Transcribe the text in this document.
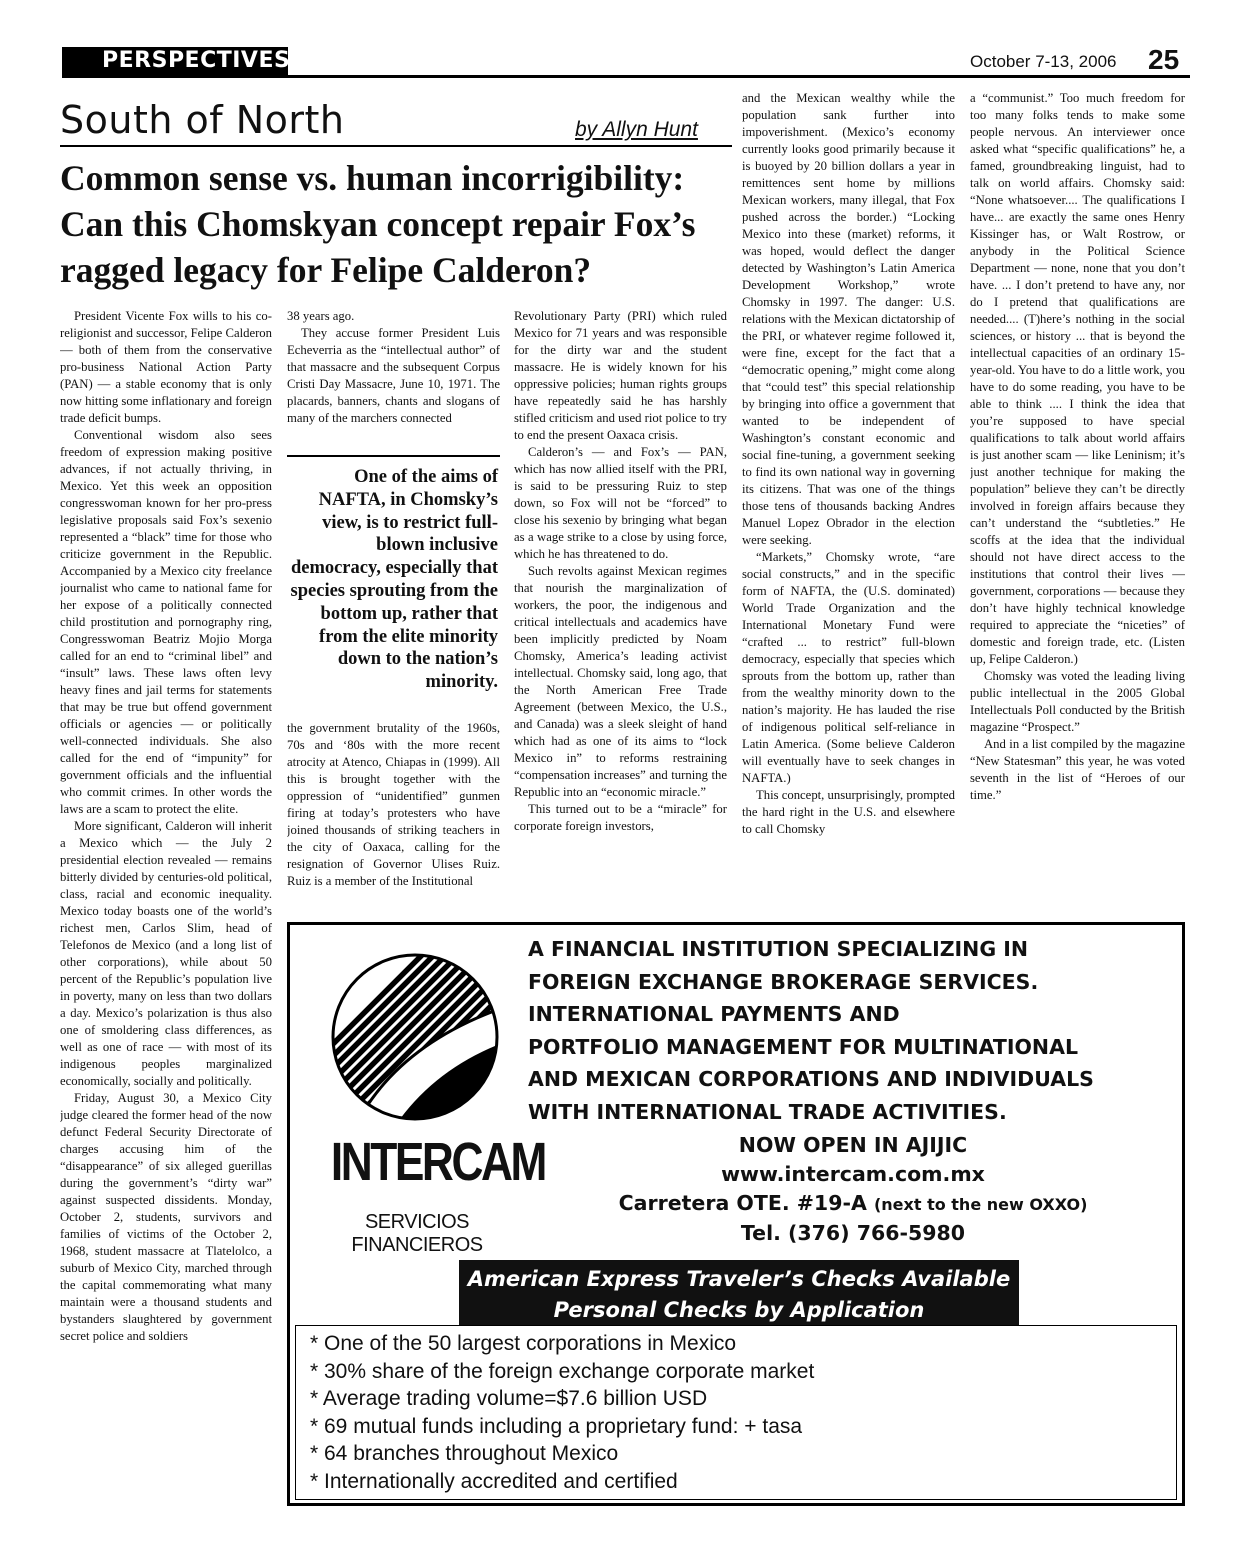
PERSPECTIVES	October 7-13, 2006 25
South of North	by Allyn Hunt
Common sense vs. human incorrigibility:
Can this Chomskyan concept repair Fox’s
ragged legacy for Felipe Calderon?

President Vicente Fox wills to his co-religionist and successor, Felipe Calderon — both of them from the conservative pro-business National Action Party (PAN) — a stable economy that is only now hitting some inflationary and foreign trade deficit bumps.

Conventional wisdom also sees freedom of expression making positive advances, if not actually thriving, in Mexico. Yet this week an opposition congresswoman known for her pro-press legislative proposals said Fox’s sexenio represented a “black” time for those who criticize government in the Republic. Accompanied by a Mexico city freelance journalist who came to national fame for her expose of a politically connected child prostitution and pornography ring, Congresswoman Beatriz Mojio Morga called for an end to “criminal libel” and “insult” laws. These laws often levy heavy fines and jail terms for statements that may be true but offend government officials or agencies — or politically well-connected individuals. She also called for the end of “impunity” for government officials and the influential who commit crimes. In other words the laws are a scam to protect the elite.

More significant, Calderon will inherit a Mexico which — the July 2 presidential election revealed — remains bitterly divided by centuries-old political, class, racial and economic inequality. Mexico today boasts one of the world’s richest men, Carlos Slim, head of Telefonos de Mexico (and a long list of other corporations), while about 50 percent of the Republic’s population live in poverty, many on less than two dollars a day. Mexico’s polarization is thus also one of smoldering class differences, as well as one of race — with most of its indigenous peoples marginalized economically, socially and politically.

Friday, August 30, a Mexico City judge cleared the former head of the now defunct Federal Security Directorate of charges accusing him of the “disappearance” of six alleged guerillas during the government’s “dirty war” against suspected dissidents. Monday, October 2, students, survivors and families of victims of the October 2, 1968, student massacre at Tlatelolco, a suburb of Mexico City, marched through the capital commemorating what many maintain were a thousand students and bystanders slaughtered by government secret police and soldiers

38 years ago.

They accuse former President Luis Echeverria as the “intellectual author” of that massacre and the subsequent Corpus Cristi Day Massacre, June 10, 1971. The placards, banners, chants and slogans of many of the marchers connected

One of the aims of NAFTA, in Chomsky’s view, is to restrict full-blown inclusive democracy, especially that species sprouting from the bottom up, rather that from the elite minority down to the nation’s minority.

the government brutality of the 1960s, 70s and ‘80s with the more recent atrocity at Atenco, Chiapas in (1999). All this is brought together with the oppression of “unidentified” gunmen firing at today’s protesters who have joined thousands of striking teachers in the city of Oaxaca, calling for the resignation of Governor Ulises Ruiz. Ruiz is a member of the Institutional

Revolutionary Party (PRI) which ruled Mexico for 71 years and was responsible for the dirty war and the student massacre. He is widely known for his oppressive policies; human rights groups have repeatedly said he has harshly stifled criticism and used riot police to try to end the present Oaxaca crisis.

Calderon’s — and Fox’s — PAN, which has now allied itself with the PRI, is said to be pressuring Ruiz to step down, so Fox will not be “forced” to close his sexenio by bringing what began as a wage strike to a close by using force, which he has threatened to do.

Such revolts against Mexican regimes that nourish the marginalization of workers, the poor, the indigenous and critical intellectuals and academics have been implicitly predicted by Noam Chomsky, America’s leading activist intellectual. Chomsky said, long ago, that the North American Free Trade Agreement (between Mexico, the U.S., and Canada) was a sleek sleight of hand which had as one of its aims to “lock Mexico in” to reforms restraining “compensation increases” and turning the Republic into an “economic miracle.”

This turned out to be a “miracle” for corporate foreign investors,

and the Mexican wealthy while the population sank further into impoverishment. (Mexico’s economy currently looks good primarily because it is buoyed by 20 billion dollars a year in remittences sent home by millions Mexican workers, many illegal, that Fox pushed across the border.) “Locking Mexico into these (market) reforms, it was hoped, would deflect the danger detected by Washington’s Latin America Development Workshop,” wrote Chomsky in 1997. The danger: U.S. relations with the Mexican dictatorship of the PRI, or whatever regime followed it, were fine, except for the fact that a “democratic opening,” might come along that “could test” this special relationship by bringing into office a government that wanted to be independent of Washington’s constant economic and social fine-tuning, a government seeking to find its own national way in governing its citizens. That was one of the things those tens of thousands backing Andres Manuel Lopez Obrador in the election were seeking.

“Markets,” Chomsky wrote, “are social constructs,” and in the specific form of NAFTA, the (U.S. dominated) World Trade Organization and the International Monetary Fund were “crafted ... to restrict” full-blown democracy, especially that species which sprouts from the bottom up, rather than from the wealthy minority down to the nation’s majority. He has lauded the rise of indigenous political self-reliance in Latin America. (Some believe Calderon will eventually have to seek changes in NAFTA.)

This concept, unsurprisingly, prompted the hard right in the U.S. and elsewhere to call Chomsky

a “communist.” Too much freedom for too many folks tends to make some people nervous. An interviewer once asked what “specific qualifications” he, a famed, groundbreaking linguist, had to talk on world affairs. Chomsky said: “None whatsoever.... The qualifications I have... are exactly the same ones Henry Kissinger has, or Walt Rostrow, or anybody in the Political Science Department — none, none that you don’t have. ... I don’t pretend to have any, nor do I pretend that qualifications are needed.... (T)here’s nothing in the social sciences, or history ... that is beyond the intellectual capacities of an ordinary 15-year-old. You have to do a little work, you have to do some reading, you have to be able to think .... I think the idea that you’re supposed to have special qualifications to talk about world affairs is just another scam — like Leninism; it’s just another technique for making the population” believe they can’t be directly involved in foreign affairs because they can’t understand the “subtleties.” He scoffs at the idea that the individual should not have direct access to the institutions that control their lives — government, corporations — because they don’t have highly technical knowledge required to appreciate the “niceties” of domestic and foreign trade, etc. (Listen up, Felipe Calderon.)

Chomsky was voted the leading living public intellectual in the 2005 Global Intellectuals Poll conducted by the British magazine “Prospect.”

And in a list compiled by the magazine “New Statesman” this year, he was voted seventh in the list of “Heroes of our time.”

INTERCAM
SERVICIOS FINANCIEROS
A FINANCIAL INSTITUTION SPECIALIZING IN
FOREIGN EXCHANGE BROKERAGE SERVICES.
INTERNATIONAL PAYMENTS AND
PORTFOLIO MANAGEMENT FOR MULTINATIONAL
AND MEXICAN CORPORATIONS AND INDIVIDUALS
WITH INTERNATIONAL TRADE ACTIVITIES.
NOW OPEN IN AJIJIC
www.intercam.com.mx
Carretera OTE. #19-A (next to the new OXXO)
Tel. (376) 766-5980
American Express Traveler’s Checks Available
Personal Checks by Application
* One of the 50 largest corporations in Mexico
* 30% share of the foreign exchange corporate market
* Average trading volume=$7.6 billion USD
* 69 mutual funds including a proprietary fund: + tasa
* 64 branches throughout Mexico
* Internationally accredited and certified
